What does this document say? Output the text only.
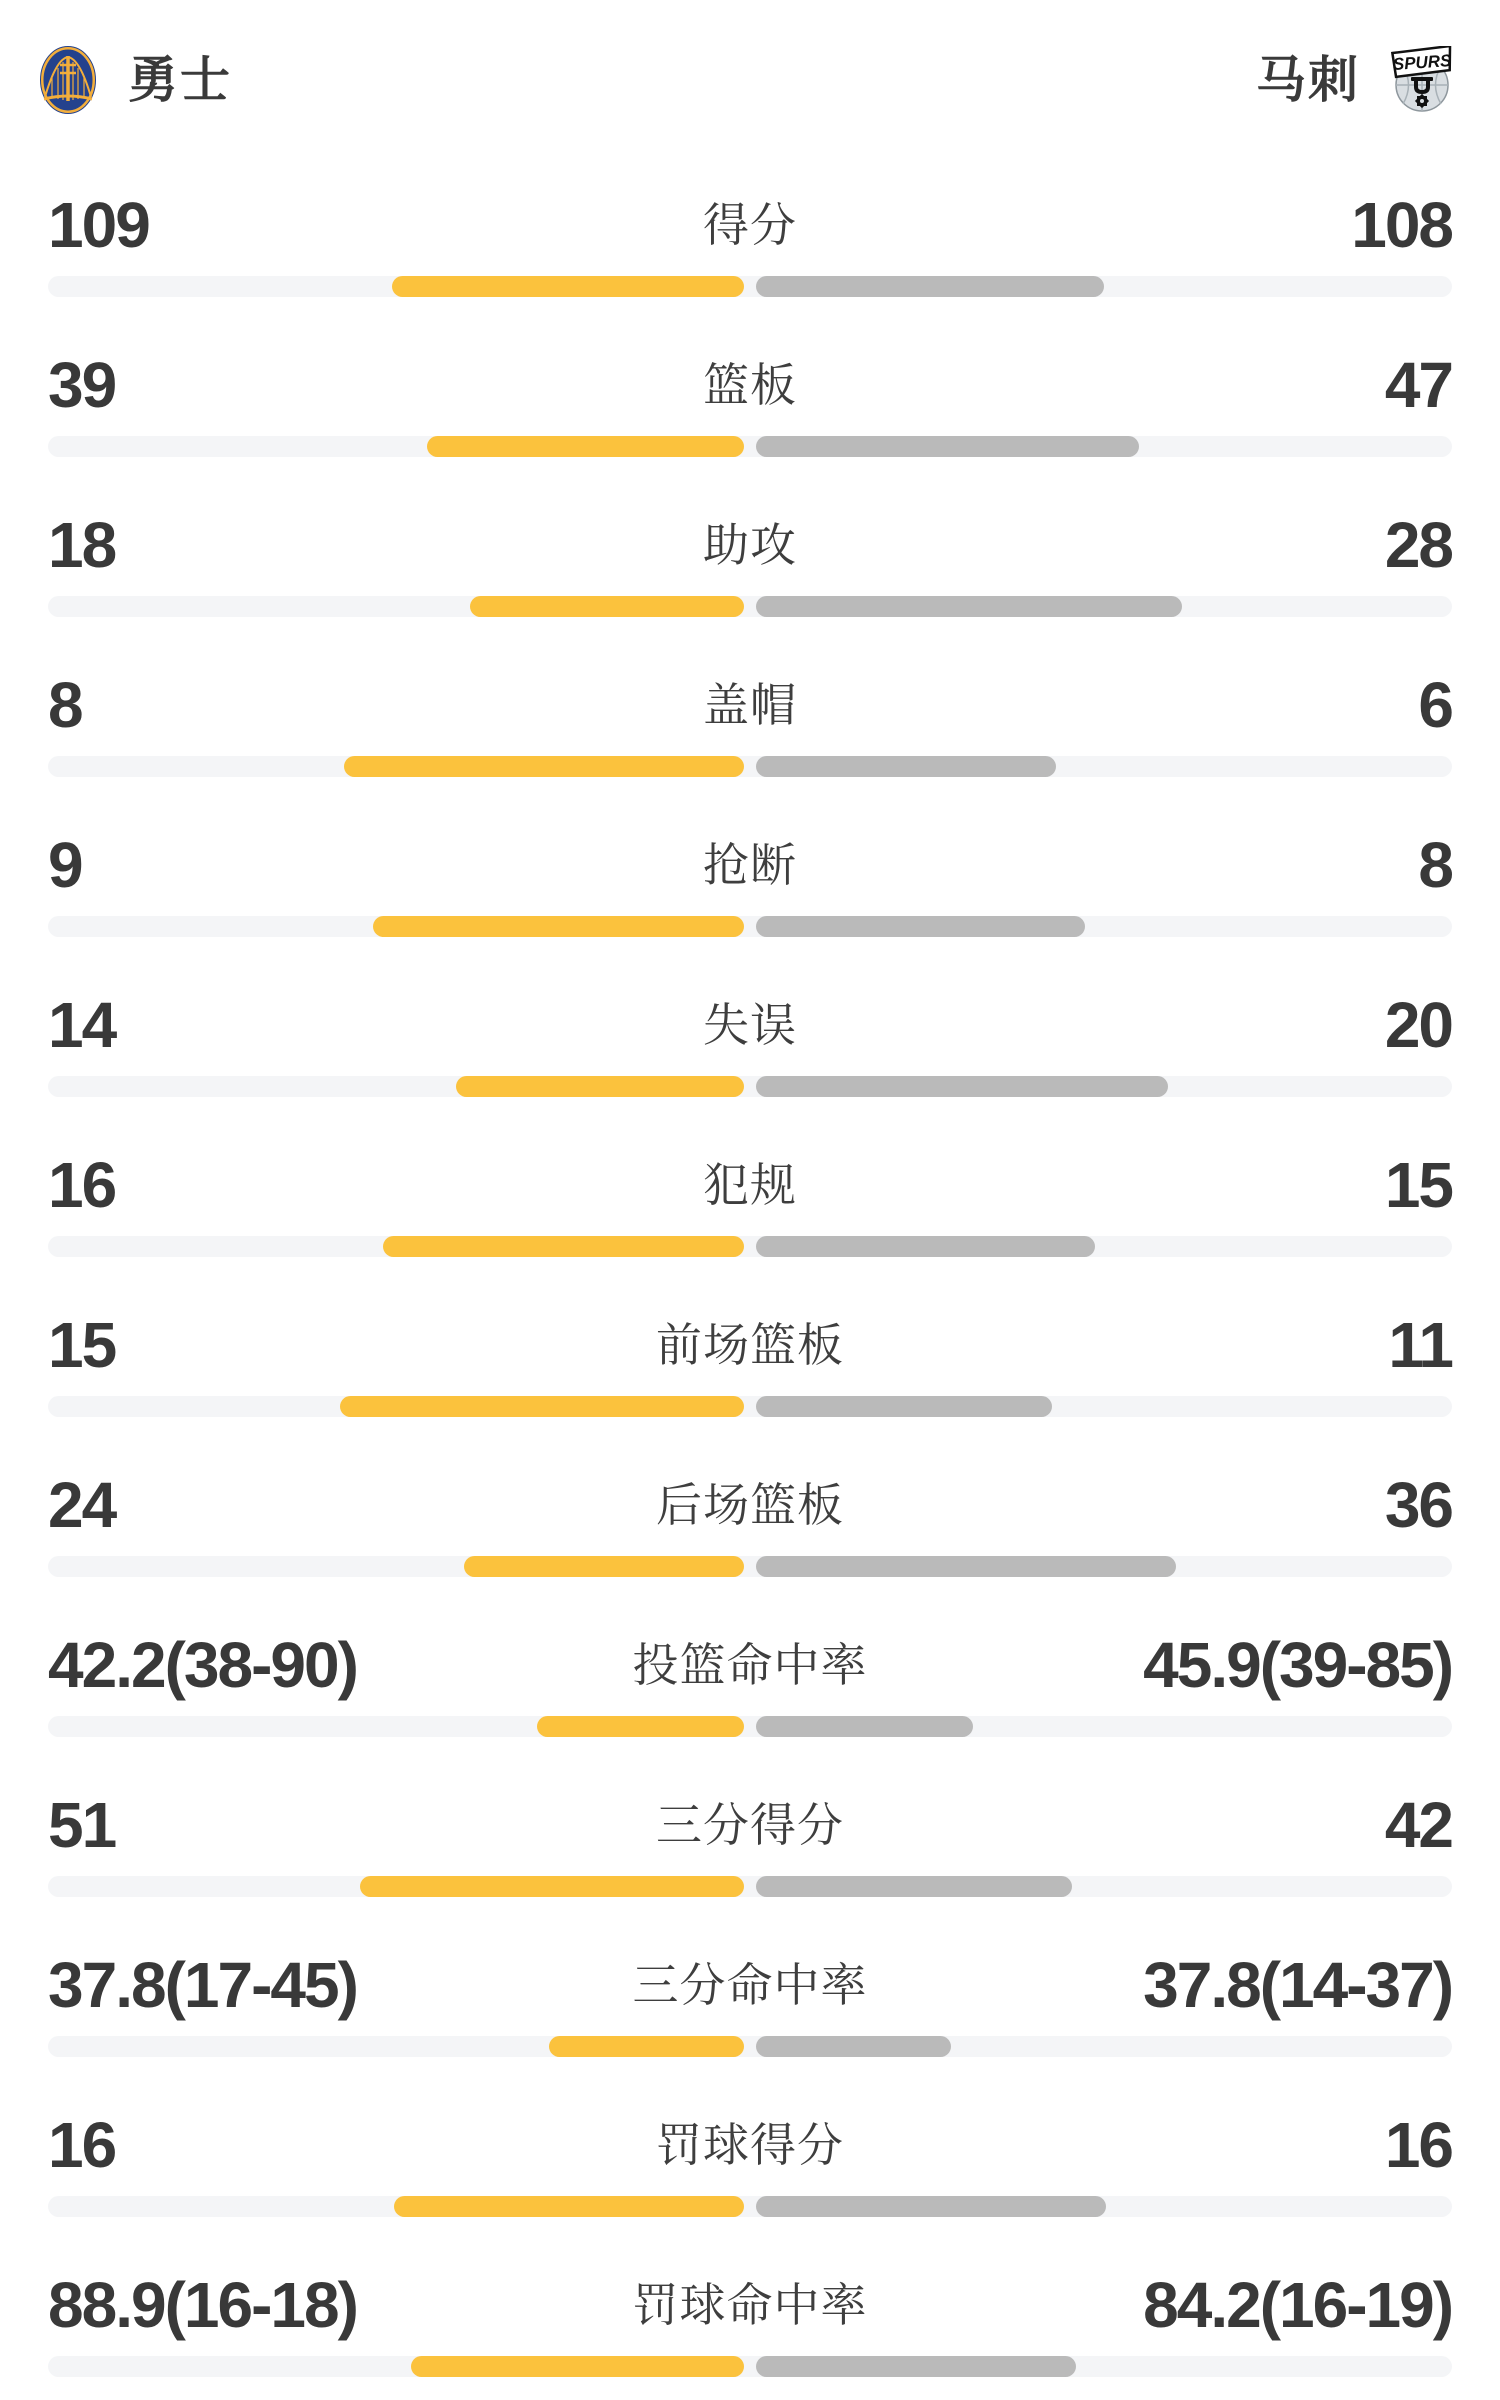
勇士	马刺 SPURS
109	得分	108
39	篮板	47
18	助攻	28
8	盖帽	6
9	抢断	8
14	失误	20
16	犯规	15
15	前场篮板	11
24	后场篮板	36
42.2(38-90)	投篮命中率	45.9(39-85)
51	三分得分	42
37.8(17-45)	三分命中率	37.8(14-37)
16	罚球得分	16
88.9(16-18)	罚球命中率	84.2(16-19)
